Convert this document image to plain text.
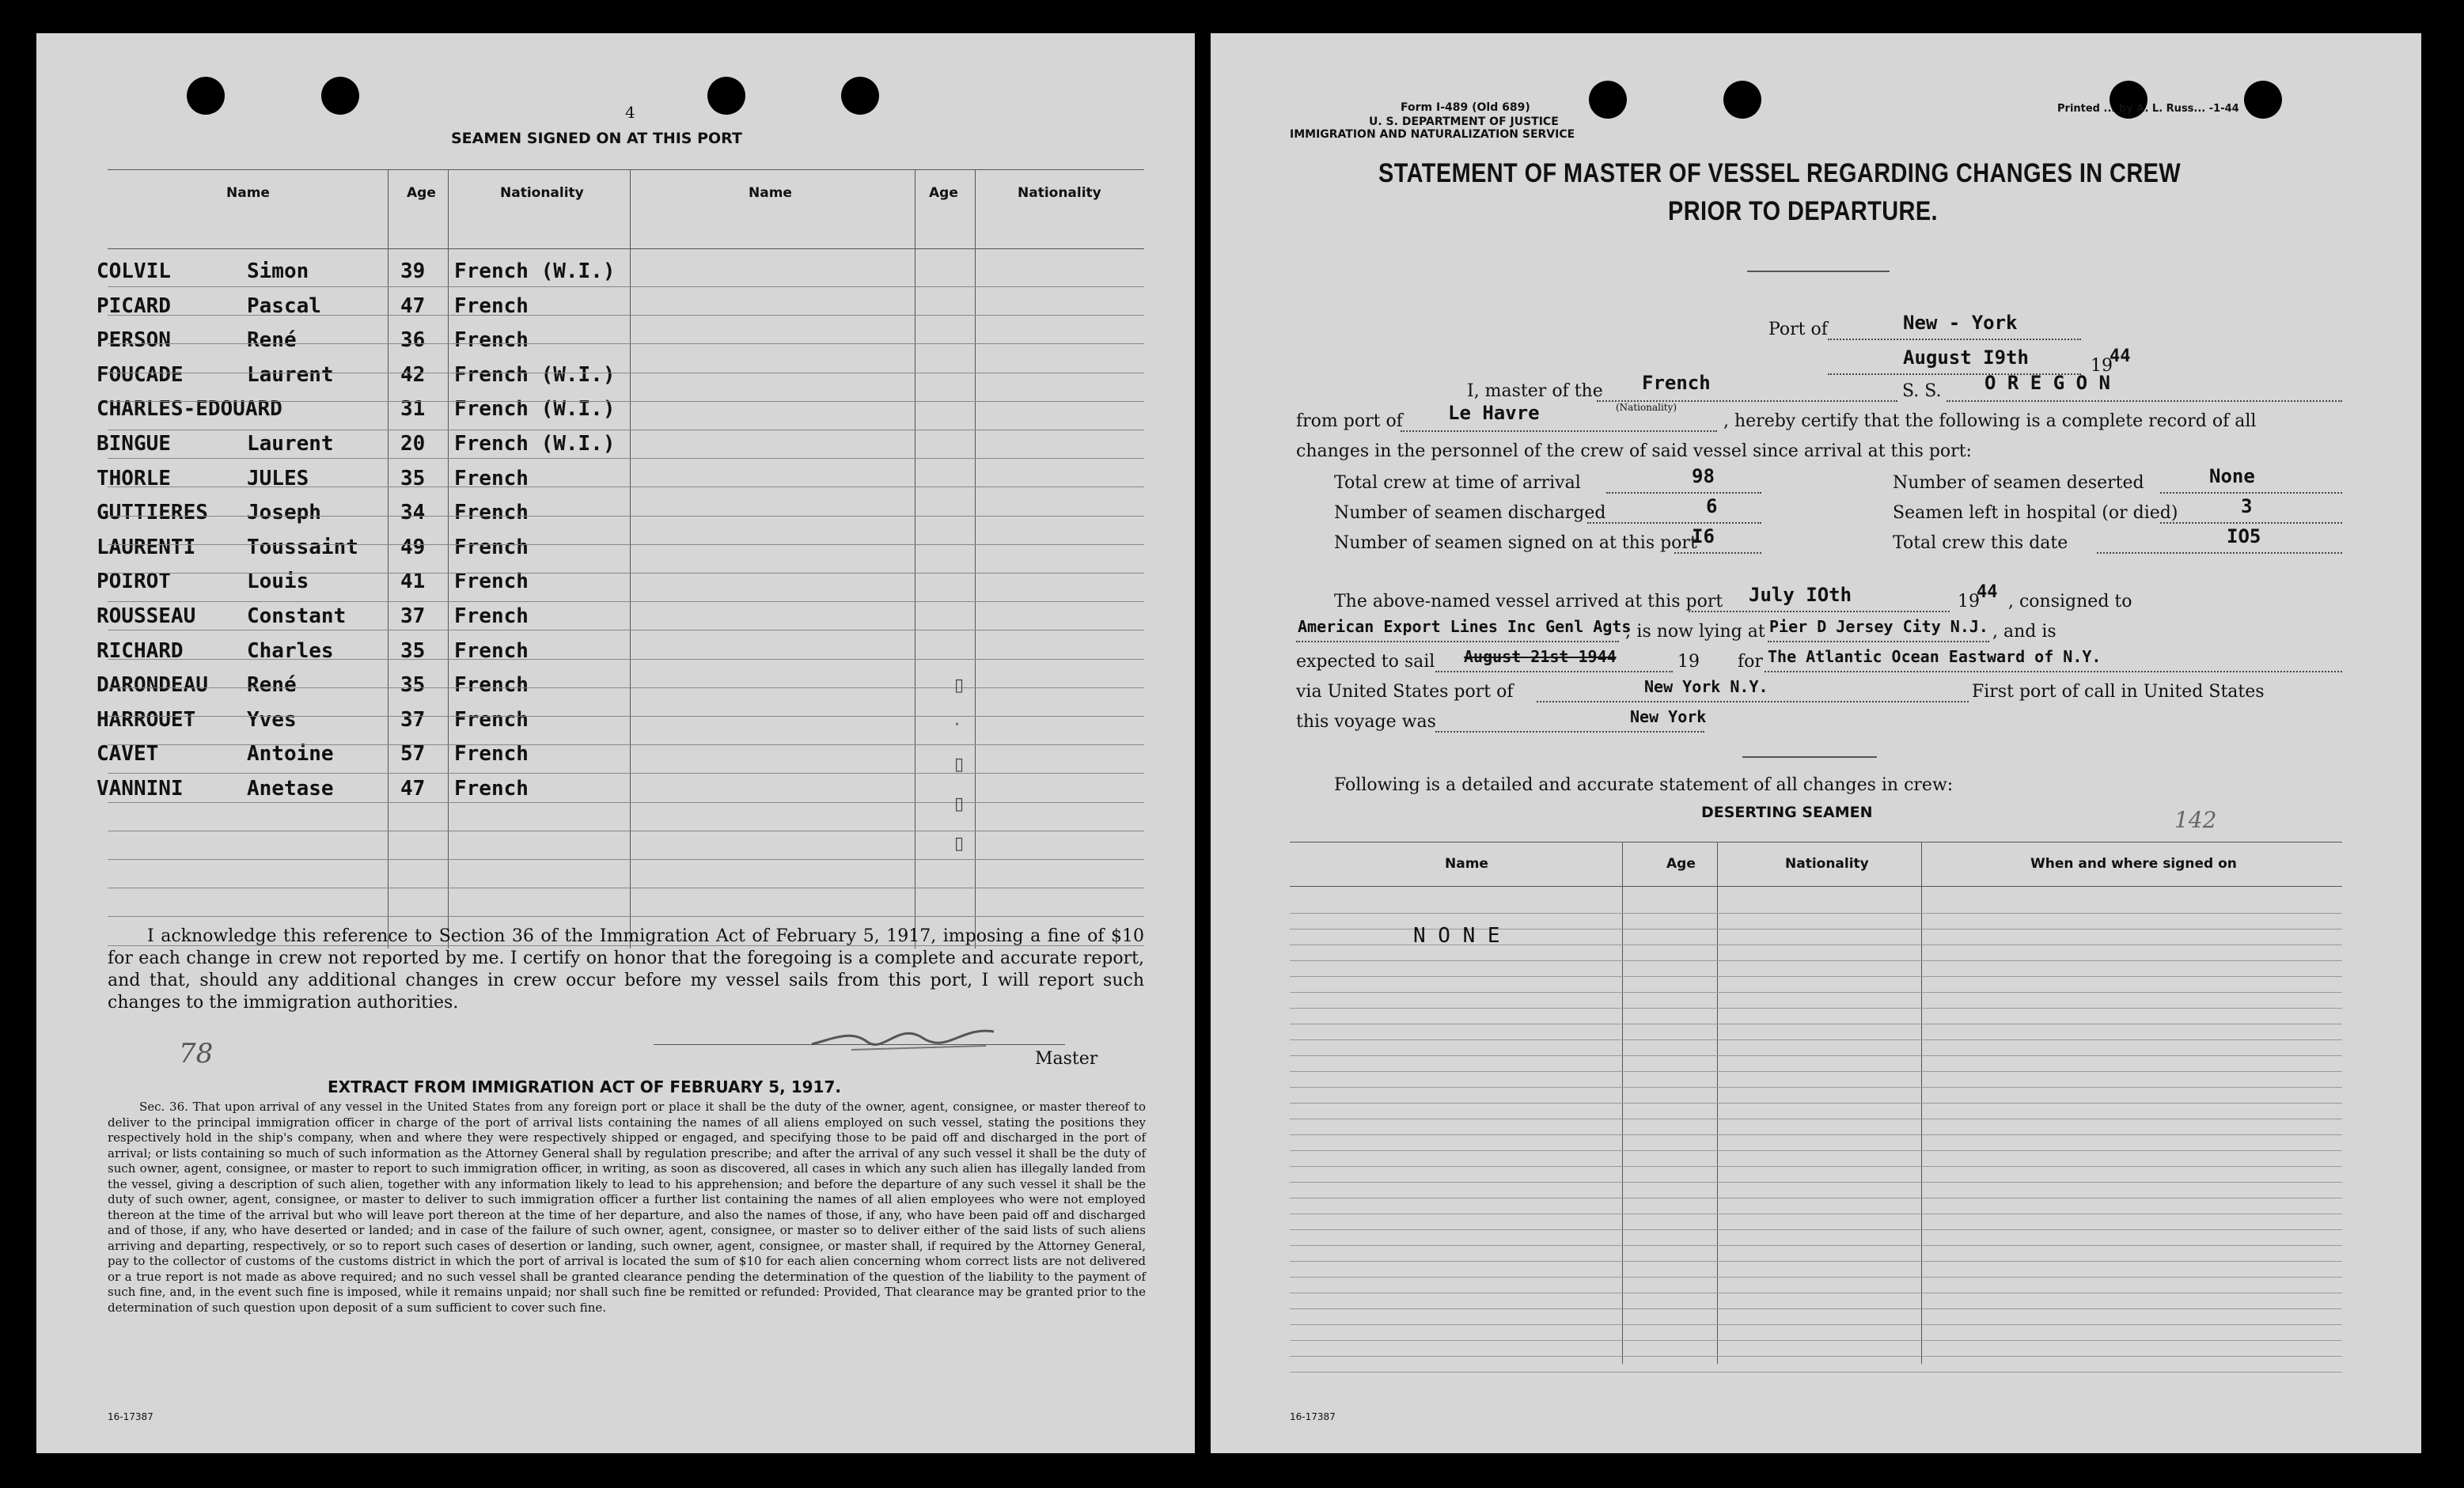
4
SEAMEN SIGNED ON AT THIS PORT
Name	Age	Nationality	Name	Age	Nationality
COLVIL	Simon	39 French (W.I.)
PICARD	Pascal	47 French
PERSON	René	36 French
FOUCADE	Laurent	42 French (W.I.)
CHARLES-EDOUARD	31 French (W.I.)
BINGUE	Laurent	20 French (W.I.)
THORLE	JULES	35 French
GUTTIERES Joseph	34 French
LAURENTI Toussaint 49 French
POIROT	Louis	41 French
ROUSSEAU Constant	37 French
RICHARD	Charles	35 French
DARONDEAU René	35 French
HARROUET Yves	37 French
CAVET	Antoine	57 French
VANNINI	Anetase	47 French
▯
·
▯
▯
▯
I acknowledge this reference to Section 36 of the Immigration Act of February 5, 1917, imposing a fine of $10 for each change in crew not reported by me. I certify on honor that the foregoing is a complete and accurate report, and that, should any additional changes in crew occur before my vessel sails from this port, I will report such changes to the immigration authorities.
Master
78
EXTRACT FROM IMMIGRATION ACT OF FEBRUARY 5, 1917.
Sec. 36. That upon arrival of any vessel in the United States from any foreign port or place it shall be the duty of the owner, agent, consignee, or master thereof to deliver to the principal immigration officer in charge of the port of arrival lists containing the names of all aliens employed on such vessel, stating the positions they respectively hold in the ship's company, when and where they were respectively shipped or engaged, and specifying those to be paid off and discharged in the port of arrival; or lists containing so much of such information as the Attorney General shall by regulation prescribe; and after the arrival of any such vessel it shall be the duty of such owner, agent, consignee, or master to report to such immigration officer, in writing, as soon as discovered, all cases in which any such alien has illegally landed from the vessel, giving a description of such alien, together with any information likely to lead to his apprehension; and before the departure of any such vessel it shall be the duty of such owner, agent, consignee, or master to deliver to such immigration officer a further list containing the names of all alien employees who were not employed thereon at the time of the arrival but who will leave port thereon at the time of her departure, and also the names of those, if any, who have been paid off and discharged and of those, if any, who have deserted or landed; and in case of the failure of such owner, agent, consignee, or master so to deliver either of the said lists of such aliens arriving and departing, respectively, or so to report such cases of desertion or landing, such owner, agent, consignee, or master shall, if required by the Attorney General, pay to the collector of customs of the customs district in which the port of arrival is located the sum of $10 for each alien concerning whom correct lists are not delivered or a true report is not made as above required; and no such vessel shall be granted clearance pending the determination of the question of the liability to the payment of such fine, and, in the event such fine is imposed, while it remains unpaid; nor shall such fine be remitted or refunded: Provided, That clearance may be granted prior to the determination of such question upon deposit of a sum sufficient to cover such fine.
16-17387
Form I-489 (Old 689)
U. S. DEPARTMENT OF JUSTICE
IMMIGRATION AND NATURALIZATION SERVICE
Printed ... by A. L. Russ... -1-44
STATEMENT OF MASTER OF VESSEL REGARDING CHANGES IN CREW
PRIOR TO DEPARTURE.
Port of	New - York
August I9th	19
44
I, master of the French	S. S. O R E G O N
from port of Le Havre	(Nationality)
, hereby certify that the following is a complete record of all
changes in the personnel of the crew of said vessel since arrival at this port:
Total crew at time of arrival	98
Number of seamen discharged	6
Number of seamen signed on at this port
I6
Number of seamen deserted	None
Seamen left in hospital (or died)	3
Total crew this date	IO5
The above-named vessel arrived at this port July IOth	19
44 , consigned to
American Export Lines Inc Genl Agts
; is now lying at Pier D Jersey City N.J. , and is
expected to sail August 21st 1944	19 for The Atlantic Ocean Eastward of N.Y.
via United States port of	New York N.Y.	First port of call in United States
this voyage was	New York
Following is a detailed and accurate statement of all changes in crew:
DESERTING SEAMEN	142
Name	Age	Nationality	When and where signed on
N O N E
16-17387
